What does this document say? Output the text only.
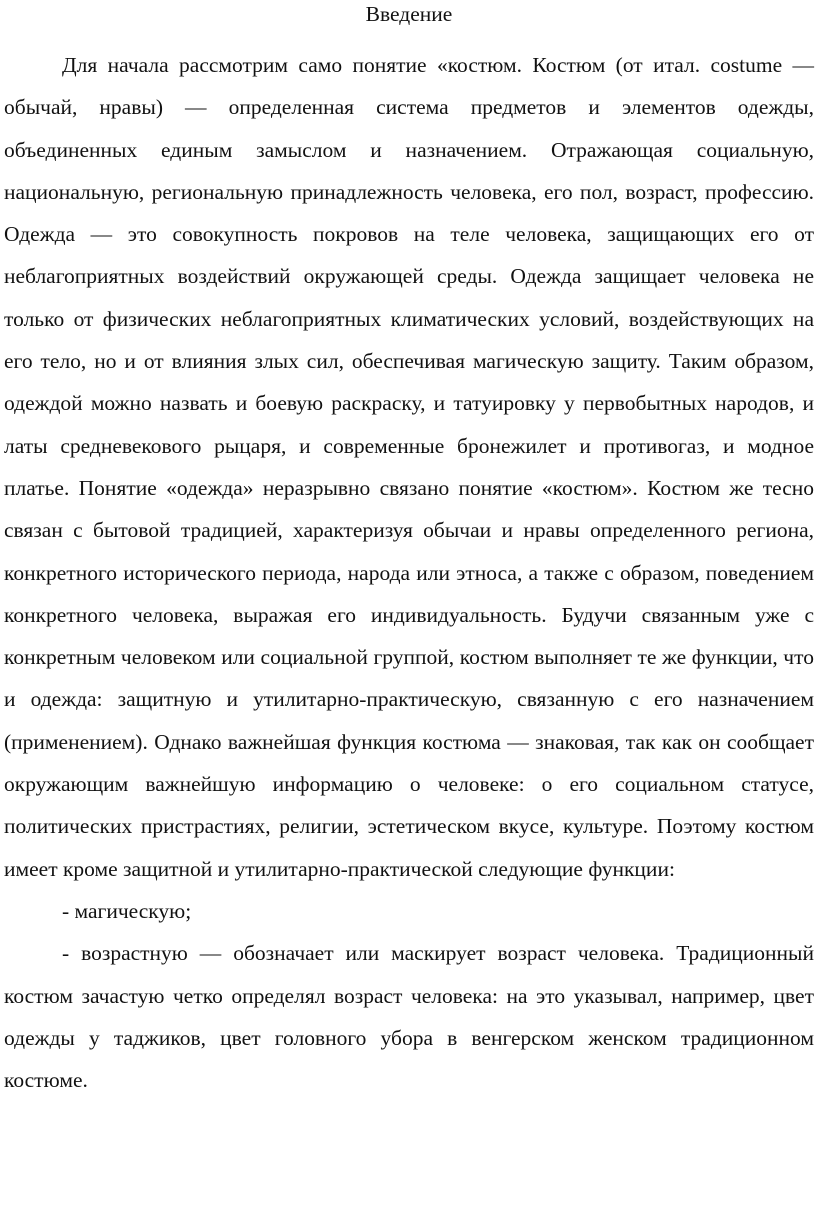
Введение

Для начала рассмотрим само понятие «костюм. Костюм (от итал. costume — обычай, нравы) — определенная система предметов и элементов одежды, объединенных единым замыслом и назначением. Отражающая социальную, национальную, региональную принадлежность человека, его пол, возраст, профессию. Одежда — это совокупность покровов на теле человека, защищающих его от неблагоприятных воздействий окружающей среды. Одежда защищает человека не только от физических неблагоприятных климатических условий, воздействующих на его тело, но и от влияния злых сил, обеспечивая магическую защиту. Таким образом, одеждой можно назвать и боевую раскраску, и татуировку у первобытных народов, и латы средневекового рыцаря, и современные бронежилет и противогаз, и модное платье. Понятие «одежда» неразрывно связано понятие «костюм». Костюм же тесно связан с бытовой традицией, характеризуя обычаи и нравы определенного региона, конкретного исторического периода, народа или этноса, а также с образом, поведением конкретного человека, выражая его индивидуальность. Будучи связанным уже с конкретным человеком или социальной группой, костюм выполняет те же функции, что и одежда: защитную и утилитарно-практическую, связанную с его назначением (применением). Однако важнейшая функция костюма — знаковая, так как он сообщает окружающим важнейшую информацию о человеке: о его социальном статусе, политических пристрастиях, религии, эстетическом вкусе, культуре. Поэтому костюм имеет кроме защитной и утилитарно-практической следующие функции:

- магическую;

- возрастную — обозначает или маскирует возраст человека. Традиционный костюм зачастую четко определял возраст человека: на это указывал, например, цвет одежды у таджиков, цвет головного убора в венгерском женском традиционном костюме.
